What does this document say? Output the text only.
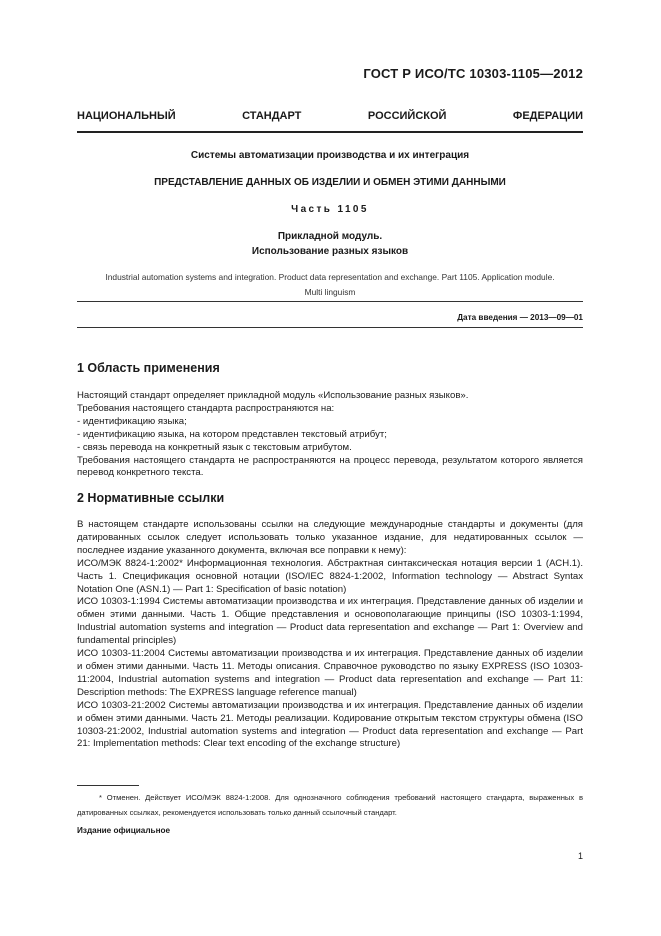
ГОСТ Р ИСО/ТС 10303-1105—2012
НАЦИОНАЛЬНЫЙ СТАНДАРТ РОССИЙСКОЙ ФЕДЕРАЦИИ
Системы автоматизации производства и их интеграция
ПРЕДСТАВЛЕНИЕ ДАННЫХ ОБ ИЗДЕЛИИ И ОБМЕН ЭТИМИ ДАННЫМИ
Часть 1105
Прикладной модуль.
Использование разных языков
Industrial automation systems and integration. Product data representation and exchange. Part 1105. Application module.
Multi linguism
Дата введения — 2013—09—01
1 Область применения

Настоящий стандарт определяет прикладной модуль «Использование разных языков».

Требования настоящего стандарта распространяются на:

- идентификацию языка;

- идентификацию языка, на котором представлен текстовый атрибут;

- связь перевода на конкретный язык с текстовым атрибутом.

Требования настоящего стандарта не распространяются на процесс перевода, результатом которого является перевод конкретного текста.

2 Нормативные ссылки

В настоящем стандарте использованы ссылки на следующие международные стандарты и документы (для датированных ссылок следует использовать только указанное издание, для недатированных ссылок — последнее издание указанного документа, включая все поправки к нему):

ИСО/МЭК 8824-1:2002* Информационная технология. Абстрактная синтаксическая нотация версии 1 (АСН.1). Часть 1. Спецификация основной нотации (ISO/IEC 8824-1:2002, Information technology — Abstract Syntax Notation One (ASN.1) — Part 1: Specification of basic notation)

ИСО 10303-1:1994 Системы автоматизации производства и их интеграция. Представление данных об изделии и обмен этими данными. Часть 1. Общие представления и основополагающие принципы (ISO 10303-1:1994, Industrial automation systems and integration — Product data representation and exchange — Part 1: Overview and fundamental principles)

ИСО 10303-11:2004 Системы автоматизации производства и их интеграция. Представление данных об изделии и обмен этими данными. Часть 11. Методы описания. Справочное руководство по языку EXPRESS (ISO 10303-11:2004, Industrial automation systems and integration — Product data representation and exchange — Part 11: Description methods: The EXPRESS language reference manual)

ИСО 10303-21:2002 Системы автоматизации производства и их интеграция. Представление данных об изделии и обмен этими данными. Часть 21. Методы реализации. Кодирование открытым текстом структуры обмена (ISO 10303-21:2002, Industrial automation systems and integration — Product data representation and exchange — Part 21: Implementation methods: Clear text encoding of the exchange structure)

* Отменен. Действует ИСО/МЭК 8824-1:2008. Для однозначного соблюдения требований настоящего стандарта, выраженных в датированных ссылках, рекомендуется использовать только данный ссылочный стандарт.

Издание официальное
1
